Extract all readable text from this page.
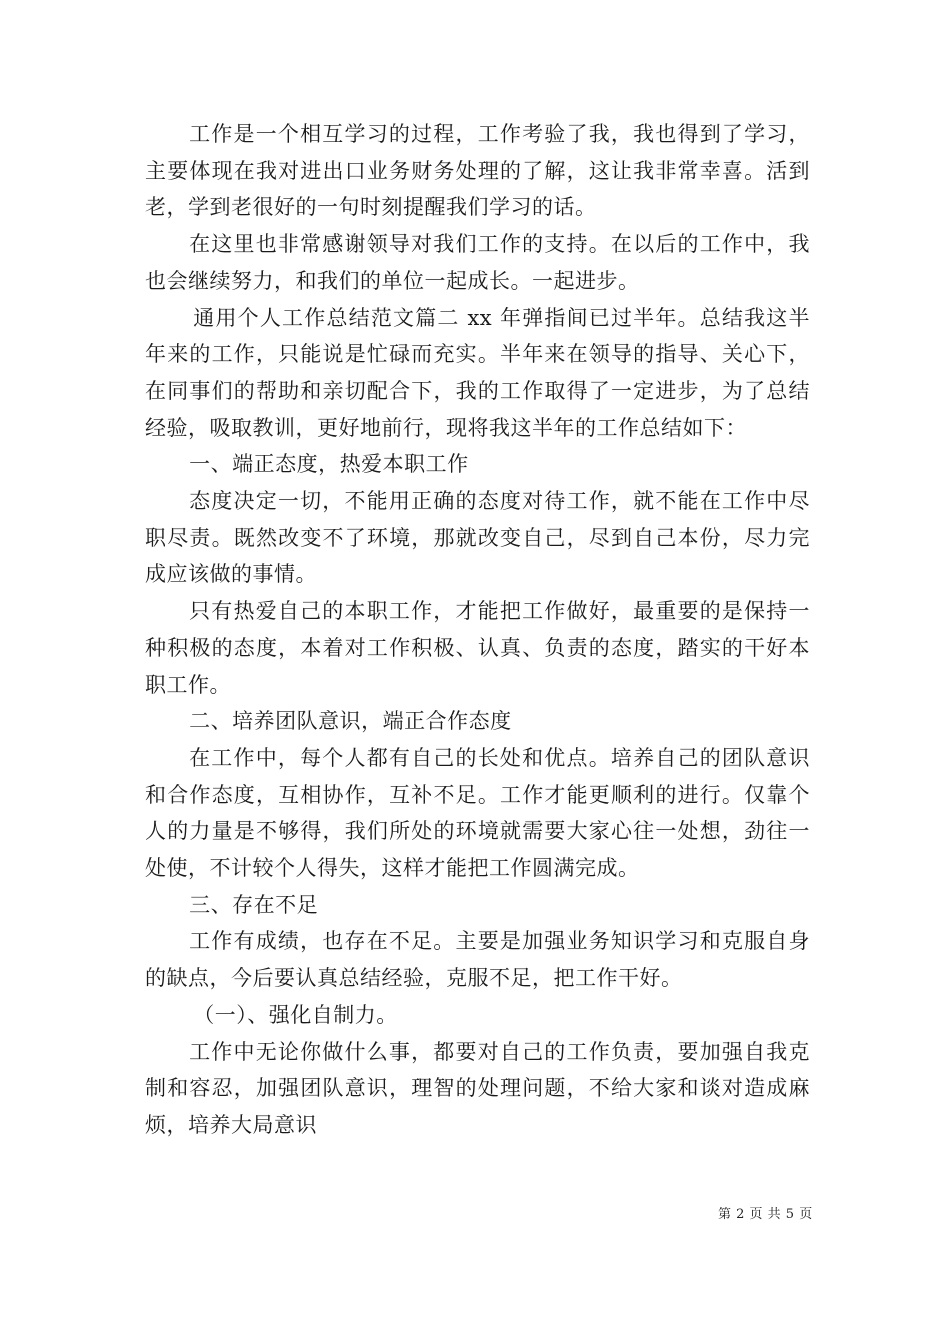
工作是一个相互学习的过程，工作考验了我，我也得到了学习，主要体现在我对进出口业务财务处理的了解，这让我非常幸喜。活到老，学到老很好的一句时刻提醒我们学习的话。

在这里也非常感谢领导对我们工作的支持。在以后的工作中，我也会继续努力，和我们的单位一起成长。一起进步。

通用个人工作总结范文篇二 xx 年弹指间已过半年。总结我这半年来的工作，只能说是忙碌而充实。半年来在领导的指导、关心下，在同事们的帮助和亲切配合下，我的工作取得了一定进步，为了总结经验，吸取教训，更好地前行，现将我这半年的工作总结如下：

一、端正态度，热爱本职工作

态度决定一切，不能用正确的态度对待工作，就不能在工作中尽职尽责。既然改变不了环境，那就改变自己，尽到自己本份，尽力完成应该做的事情。

只有热爱自己的本职工作，才能把工作做好，最重要的是保持一种积极的态度，本着对工作积极、认真、负责的态度，踏实的干好本职工作。

二、培养团队意识，端正合作态度

在工作中，每个人都有自己的长处和优点。培养自己的团队意识和合作态度，互相协作，互补不足。工作才能更顺利的进行。仅靠个人的力量是不够得，我们所处的环境就需要大家心往一处想，劲往一处使，不计较个人得失，这样才能把工作圆满完成。

三、存在不足

工作有成绩，也存在不足。主要是加强业务知识学习和克服自身的缺点，今后要认真总结经验，克服不足，把工作干好。

（一）、强化自制力。

工作中无论你做什么事，都要对自己的工作负责，要加强自我克制和容忍，加强团队意识，理智的处理问题，不给大家和谈对造成麻烦，培养大局意识

第 2 页 共 5 页
